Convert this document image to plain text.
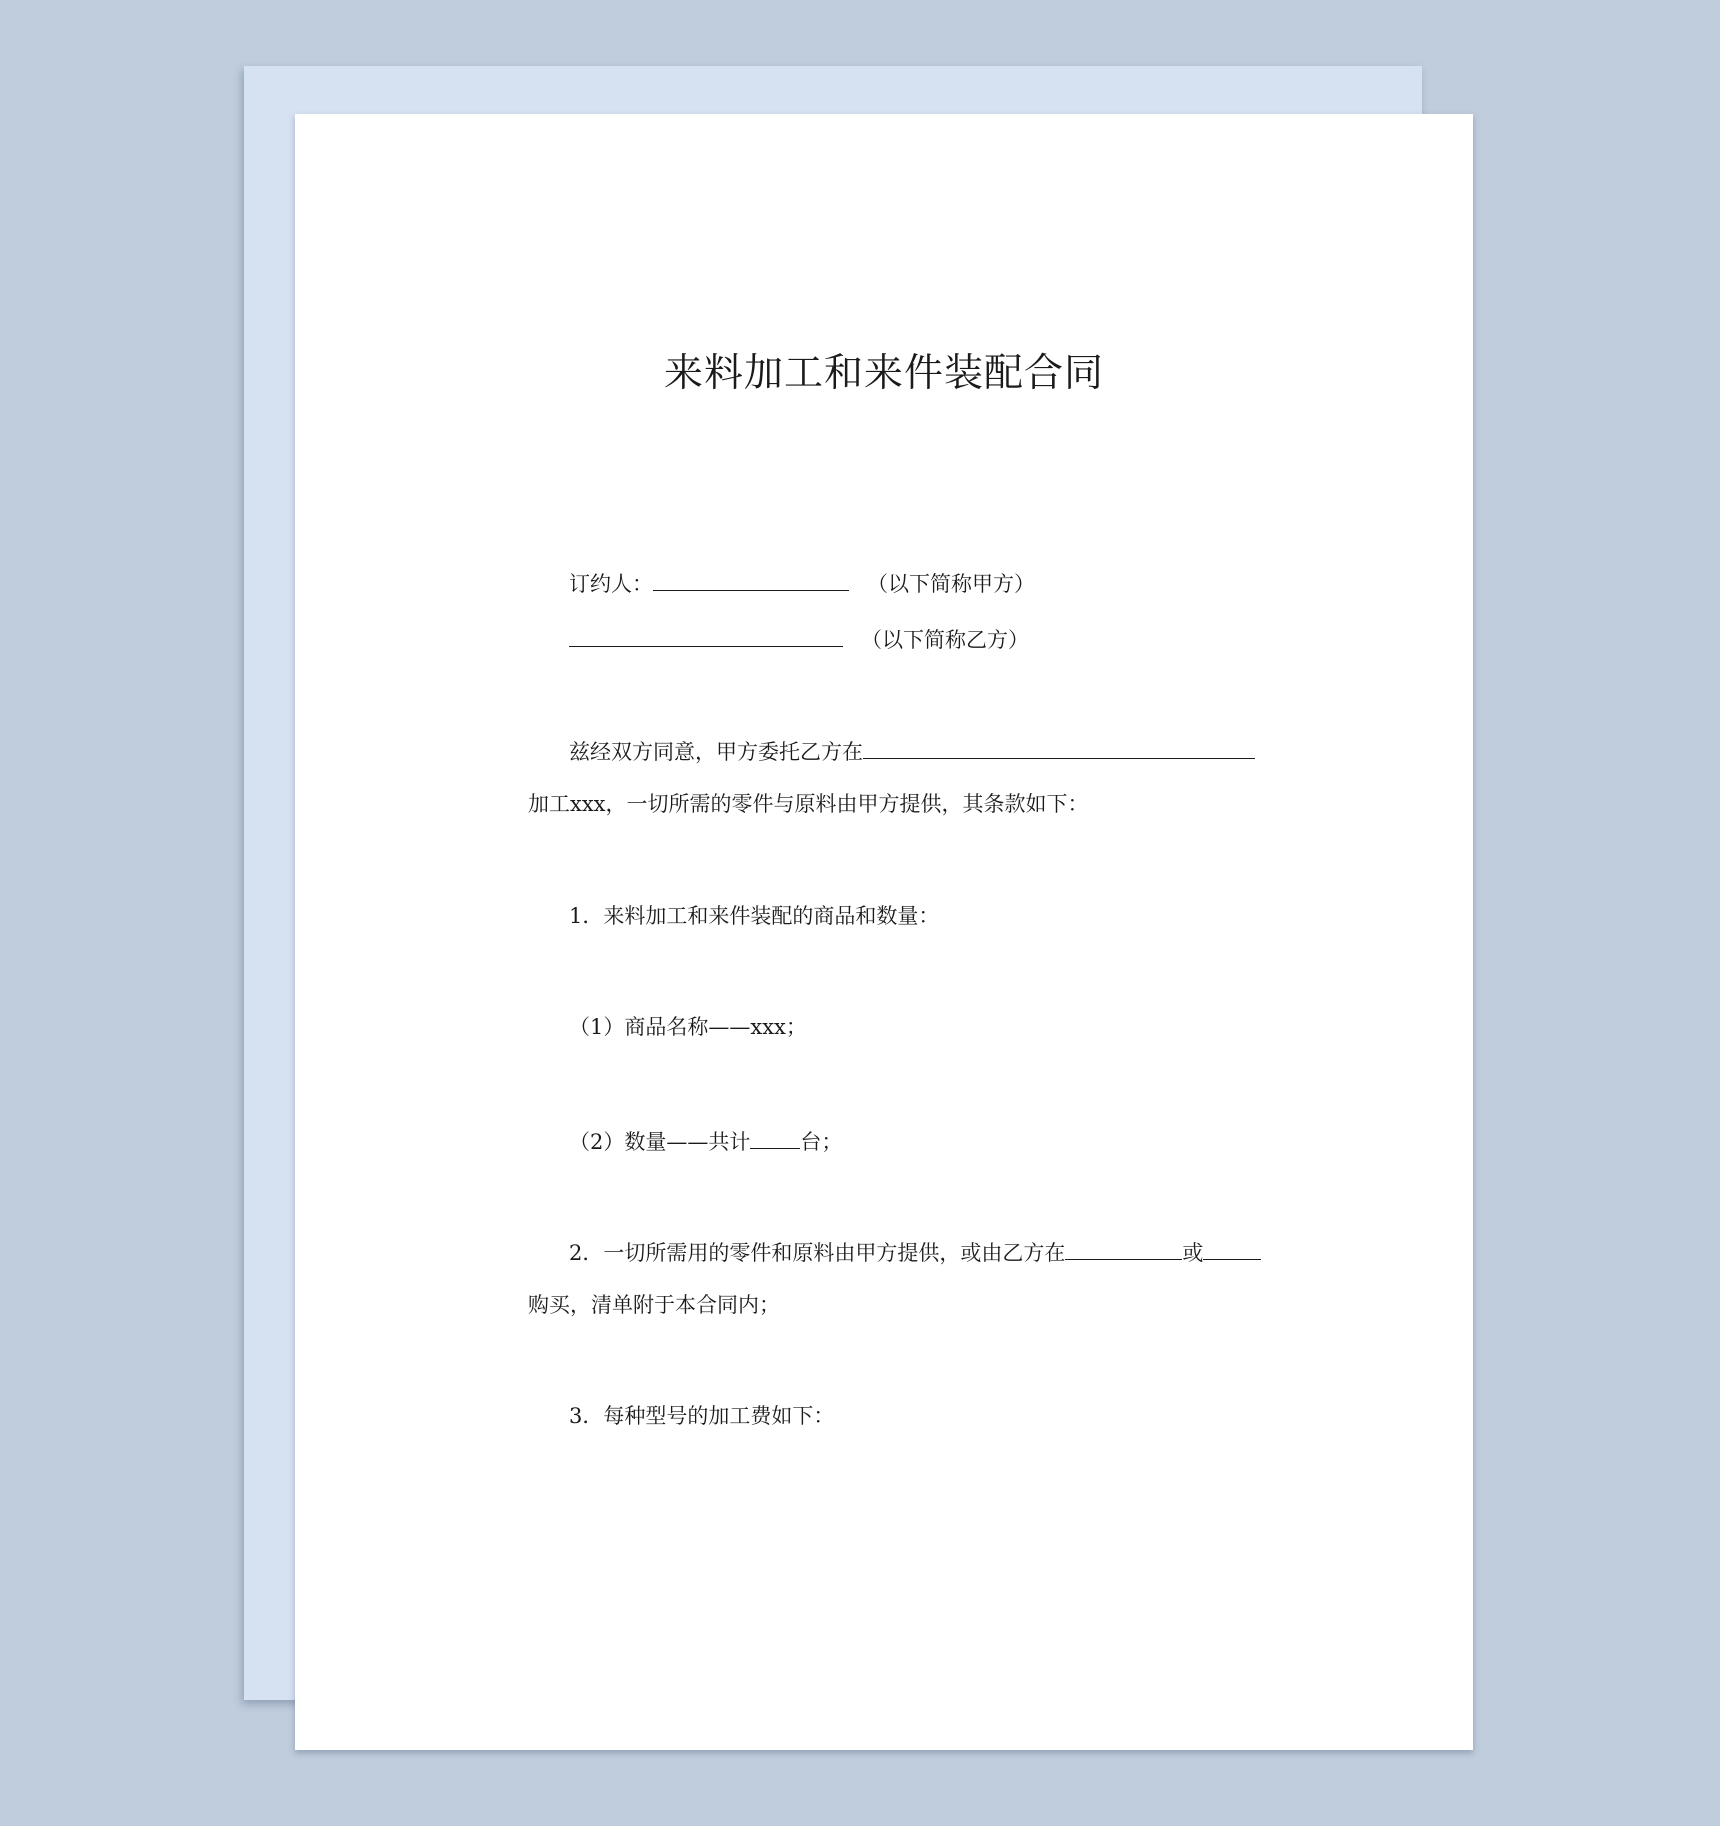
来料加工和来件装配合同
订约人：	（以下简称甲方）
（以下简称乙方）
兹经双方同意，甲方委托乙方在
加工xxx，一切所需的零件与原料由甲方提供，其条款如下：
1．来料加工和来件装配的商品和数量：
（1）商品名称——xxx；
（2）数量——共计 台；
2．一切所需用的零件和原料由甲方提供，或由乙方在	或
购买，清单附于本合同内；
3．每种型号的加工费如下：
